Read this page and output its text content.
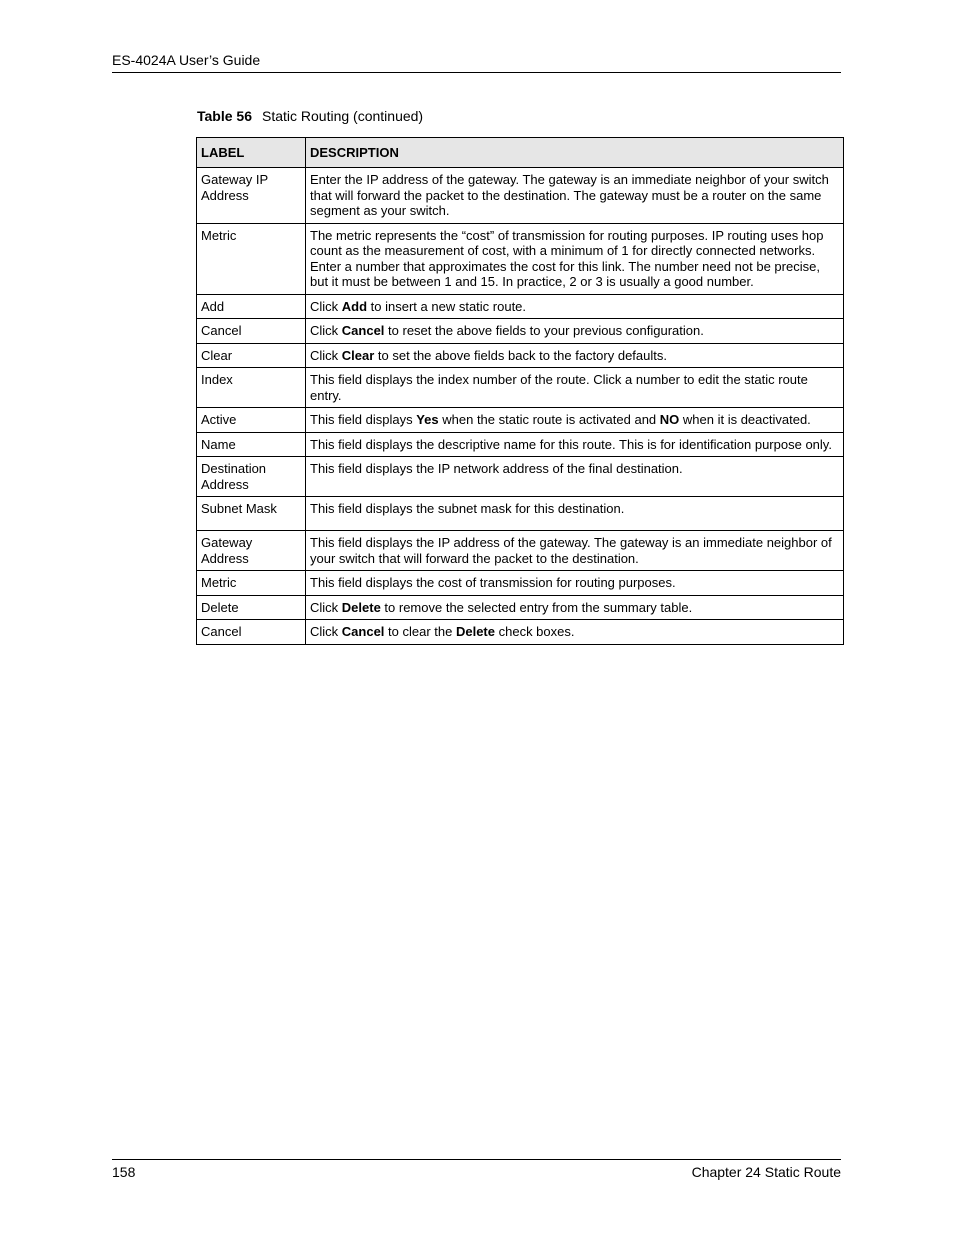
ES-4024A User’s Guide
Table 56 Static Routing (continued)
LABEL	DESCRIPTION
Gateway IP Address	Enter the IP address of the gateway. The gateway is an immediate neighbor of your switch that will forward the packet to the destination. The gateway must be a router on the same segment as your switch.
Metric	The metric represents the “cost” of transmission for routing purposes. IP routing uses hop count as the measurement of cost, with a minimum of 1 for directly connected networks. Enter a number that approximates the cost for this link. The number need not be precise, but it must be between 1 and 15. In practice, 2 or 3 is usually a good number.
Add	Click Add to insert a new static route.
Cancel	Click Cancel to reset the above fields to your previous configuration.
Clear	Click Clear to set the above fields back to the factory defaults.
Index	This field displays the index number of the route. Click a number to edit the static route entry.
Active	This field displays Yes when the static route is activated and NO when it is deactivated.
Name	This field displays the descriptive name for this route. This is for identification purpose only.
Destination Address	This field displays the IP network address of the final destination.
Subnet Mask	This field displays the subnet mask for this destination.
Gateway Address	This field displays the IP address of the gateway. The gateway is an immediate neighbor of your switch that will forward the packet to the destination.
Metric	This field displays the cost of transmission for routing purposes.
Delete	Click Delete to remove the selected entry from the summary table.
Cancel	Click Cancel to clear the Delete check boxes.
158	Chapter 24 Static Route
